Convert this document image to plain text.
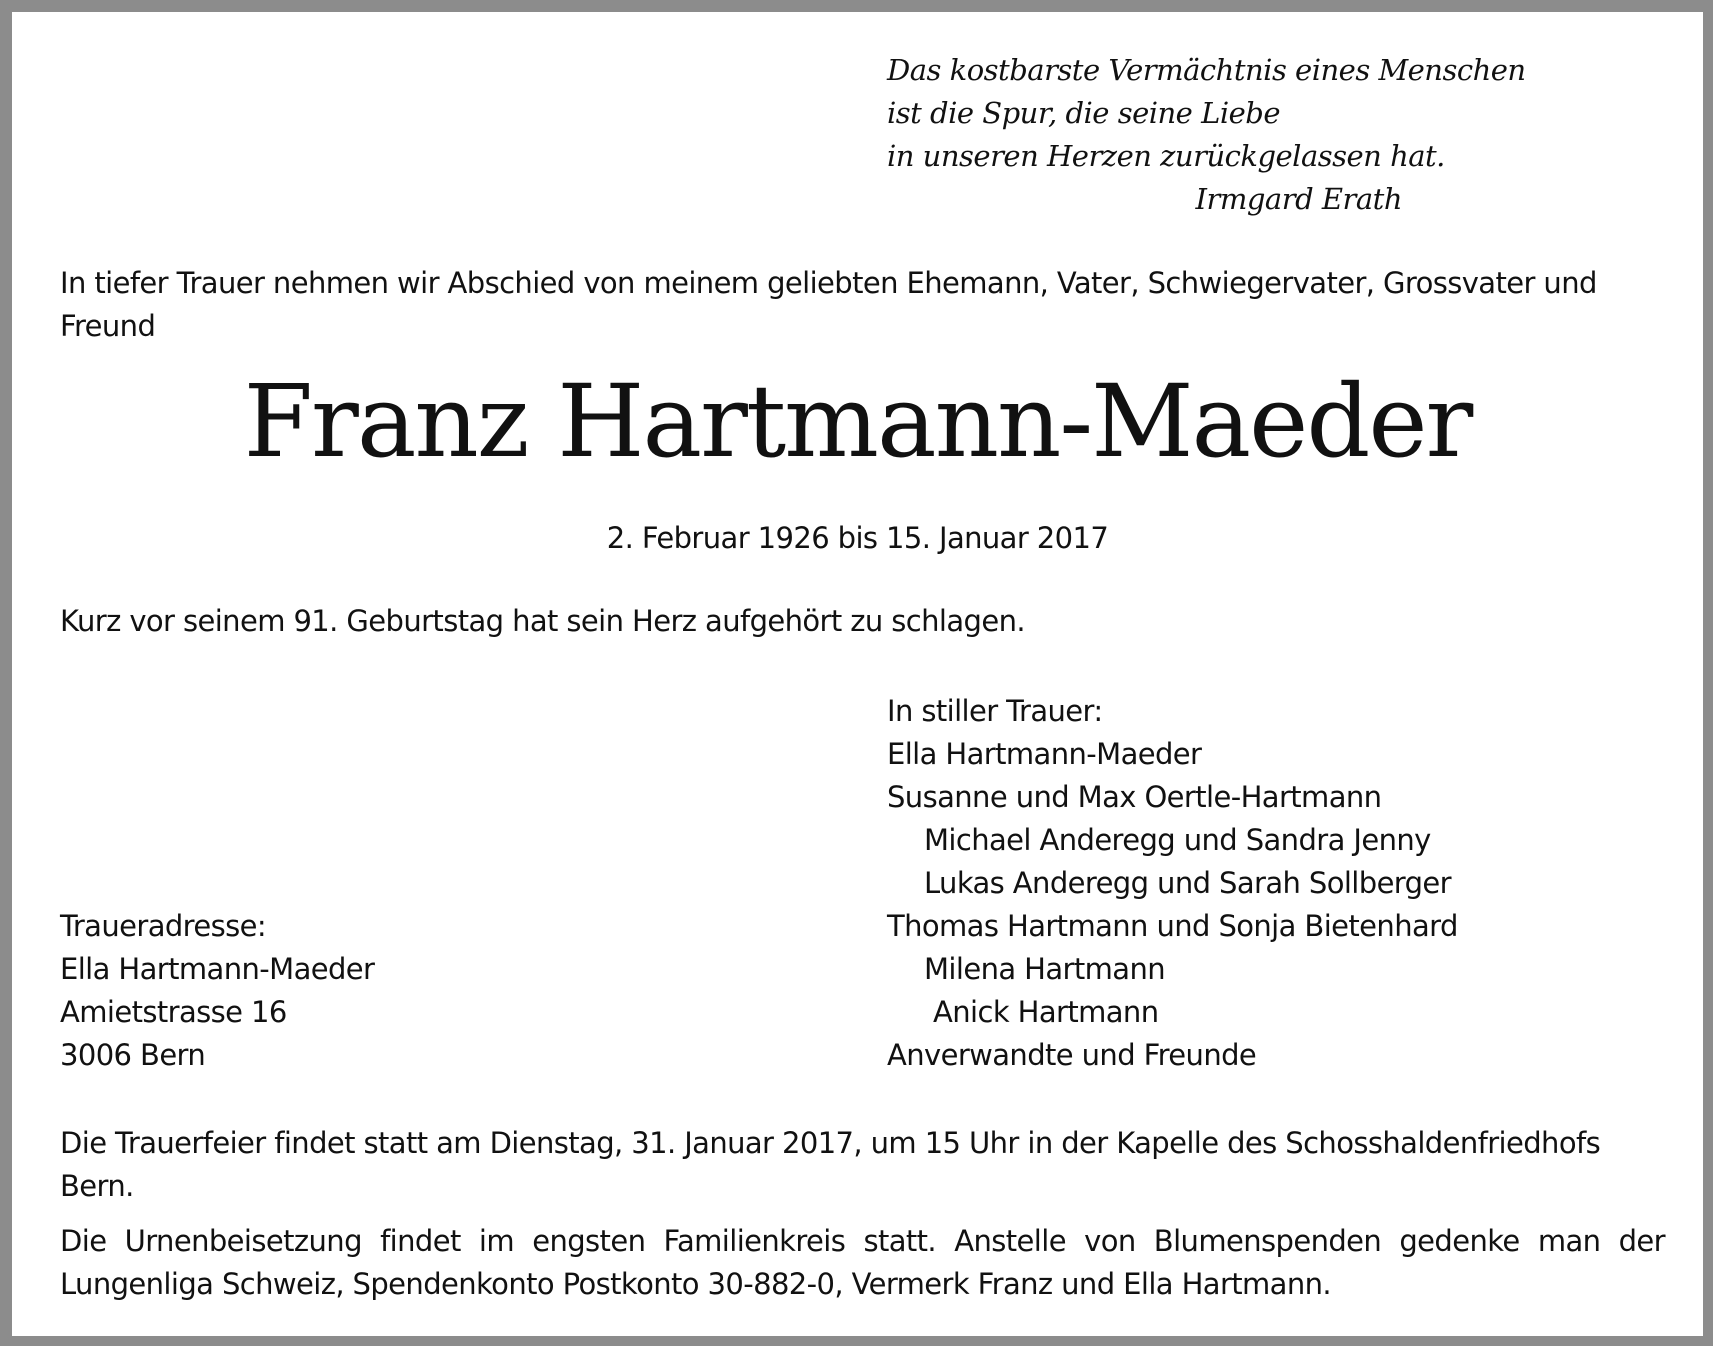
Das kostbarste Vermächtnis eines Menschen
ist die Spur, die seine Liebe
in unseren Herzen zurückgelassen hat.
Irmgard Erath
In tiefer Trauer nehmen wir Abschied von meinem geliebten Ehemann, Vater, Schwiegervater, Grossvater und Freund
Franz Hartmann-Maeder
2. Februar 1926 bis 15. Januar 2017
Kurz vor seinem 91. Geburtstag hat sein Herz aufgehört zu schlagen.
In stiller Trauer:
Ella Hartmann-Maeder
Susanne und Max Oertle-Hartmann
Michael Anderegg und Sandra Jenny
Lukas Anderegg und Sarah Sollberger
Thomas Hartmann und Sonja Bietenhard
Milena Hartmann
Anick Hartmann
Anverwandte und Freunde
Traueradresse:
Ella Hartmann-Maeder
Amietstrasse 16
3006 Bern
Die Trauerfeier findet statt am Dienstag, 31. Januar 2017, um 15 Uhr in der Kapelle des Schosshaldenfriedhofs Bern.
Die Urnenbeisetzung findet im engsten Familienkreis statt. Anstelle von Blumenspenden gedenke man der Lungenliga Schweiz, Spendenkonto Postkonto 30-882-0, Vermerk Franz und Ella Hartmann.
